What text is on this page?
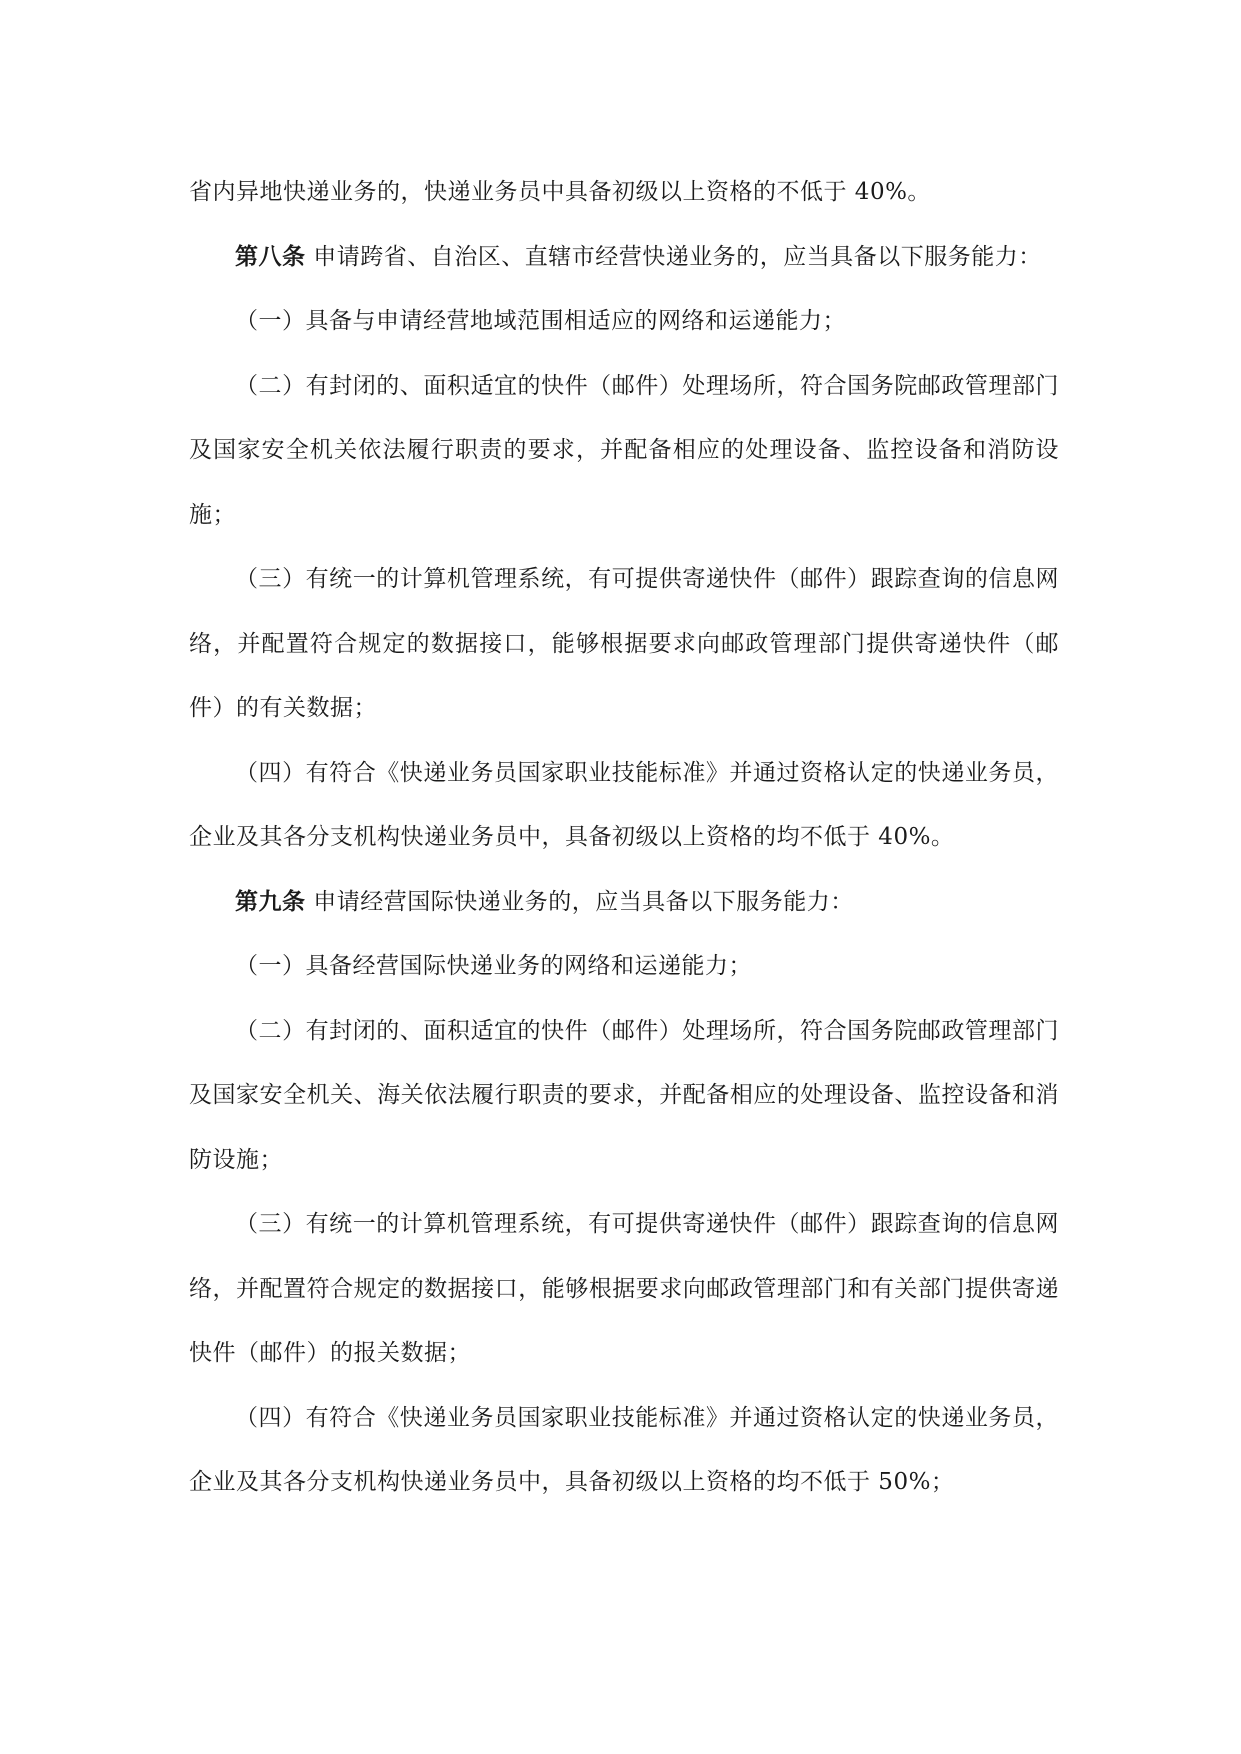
省内异地快递业务的，快递业务员中具备初级以上资格的不低于 40%。

第八条 申请跨省、自治区、直辖市经营快递业务的，应当具备以下服务能力：

（一）具备与申请经营地域范围相适应的网络和运递能力；

（二）有封闭的、面积适宜的快件（邮件）处理场所，符合国务院邮政管理部门及国家安全机关依法履行职责的要求，并配备相应的处理设备、监控设备和消防设施；

（三）有统一的计算机管理系统，有可提供寄递快件（邮件）跟踪查询的信息网络，并配置符合规定的数据接口，能够根据要求向邮政管理部门提供寄递快件（邮件）的有关数据；

（四）有符合《快递业务员国家职业技能标准》并通过资格认定的快递业务员，企业及其各分支机构快递业务员中，具备初级以上资格的均不低于 40%。

第九条 申请经营国际快递业务的，应当具备以下服务能力：

（一）具备经营国际快递业务的网络和运递能力；

（二）有封闭的、面积适宜的快件（邮件）处理场所，符合国务院邮政管理部门及国家安全机关、海关依法履行职责的要求，并配备相应的处理设备、监控设备和消防设施；

（三）有统一的计算机管理系统，有可提供寄递快件（邮件）跟踪查询的信息网络，并配置符合规定的数据接口，能够根据要求向邮政管理部门和有关部门提供寄递快件（邮件）的报关数据；

（四）有符合《快递业务员国家职业技能标准》并通过资格认定的快递业务员，企业及其各分支机构快递业务员中，具备初级以上资格的均不低于 50%；
